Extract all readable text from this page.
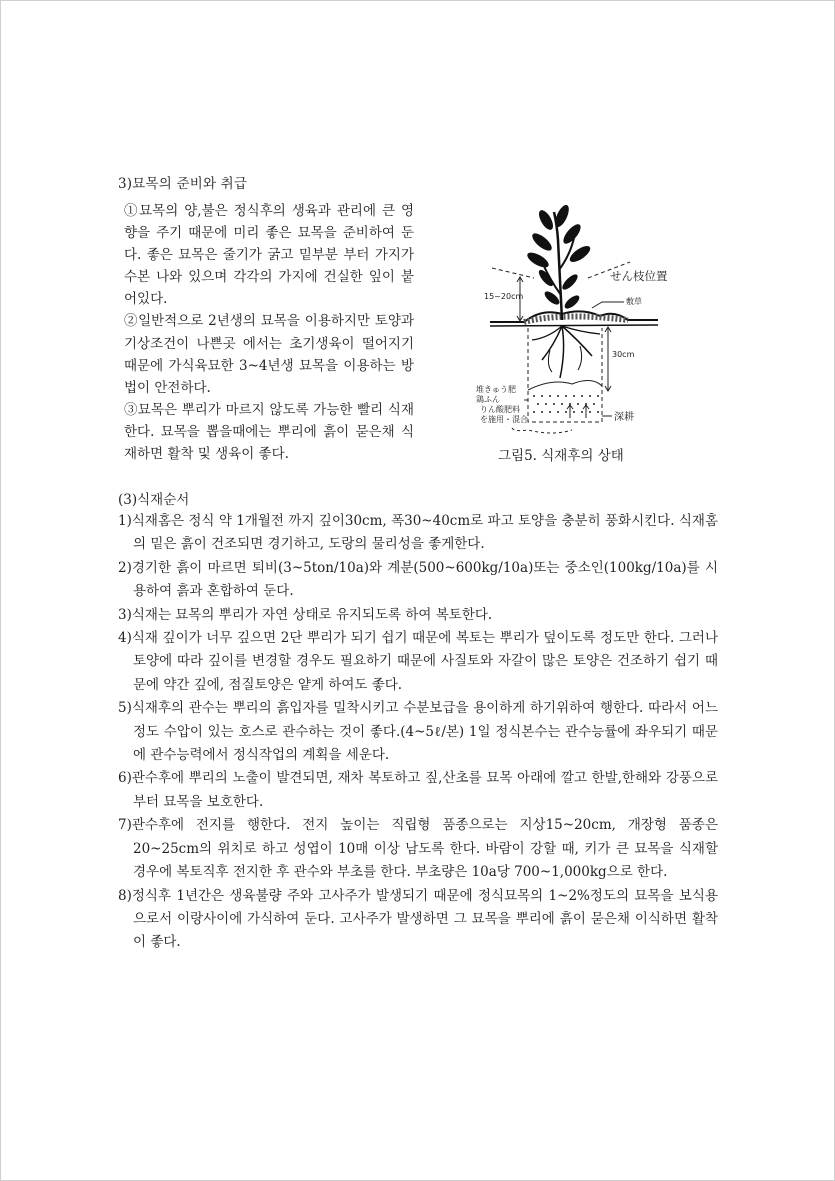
3)묘목의 준비와 취급

①묘목의 양,불은 정식후의 생육과 관리에 큰 영향을 주기 때문에 미리 좋은 묘목을 준비하여 둔다. 좋은 묘목은 줄기가 굵고 밑부분 부터 가지가 수본 나와 있으며 각각의 가지에 건실한 잎이 붙어있다.

②일반적으로 2년생의 묘목을 이용하지만 토양과 기상조건이 나쁜곳 에서는 초기생육이 떨어지기 때문에 가식육묘한 3~4년생 묘목을 이용하는 방법이 안전하다.

③묘목은 뿌리가 마르지 않도록 가능한 빨리 식재한다. 묘목을 뽑을때에는 뿌리에 흙이 묻은채 식재하면 활착 및 생육이 좋다.

せん枝位置
15~20cm
敷草
30cm
堆きゅう肥
鶏ふん
りん酸肥料
を施用・混合	深耕
그림5. 식재후의 상태
(3)식재순서

1)식재홈은 정식 약 1개월전 까지 깊이30cm, 폭30~40cm로 파고 토양을 충분히 풍화시킨다. 식재홈의 밑은 흙이 건조되면 경기하고, 도랑의 물리성을 좋게한다.

2)경기한 흙이 마르면 퇴비(3~5ton/10a)와 계분(500~600kg/10a)또는 중소인(100kg/10a)를 시용하여 흙과 혼합하여 둔다.

3)식재는 묘목의 뿌리가 자연 상태로 유지되도록 하여 복토한다.

4)식재 깊이가 너무 깊으면 2단 뿌리가 되기 쉽기 때문에 복토는 뿌리가 덮이도록 정도만 한다. 그러나 토양에 따라 깊이를 변경할 경우도 필요하기 때문에 사질토와 자갈이 많은 토양은 건조하기 쉽기 때문에 약간 깊에, 점질토양은 얕게 하여도 좋다.

5)식재후의 관수는 뿌리의 흙입자를 밀착시키고 수분보급을 용이하게 하기위하여 행한다. 따라서 어느정도 수압이 있는 호스로 관수하는 것이 좋다.(4~5ℓ/본) 1일 정식본수는 관수능률에 좌우되기 때문에 관수능력에서 정식작업의 계획을 세운다.

6)관수후에 뿌리의 노출이 발견되면, 재차 복토하고 짚,산초를 묘목 아래에 깔고 한발,한해와 강풍으로부터 묘목을 보호한다.

7)관수후에 전지를 행한다. 전지 높이는 직립형 품종으로는 지상15~20cm, 개장형 품종은 20~25cm의 위치로 하고 성엽이 10매 이상 남도록 한다. 바람이 강할 때, 키가 큰 묘목을 식재할 경우에 복토직후 전지한 후 관수와 부초를 한다. 부초량은 10a당 700~1,000kg으로 한다.

8)정식후 1년간은 생육불량 주와 고사주가 발생되기 때문에 정식묘목의 1~2%정도의 묘목을 보식용으로서 이랑사이에 가식하여 둔다. 고사주가 발생하면 그 묘목을 뿌리에 흙이 묻은채 이식하면 활착이 좋다.
